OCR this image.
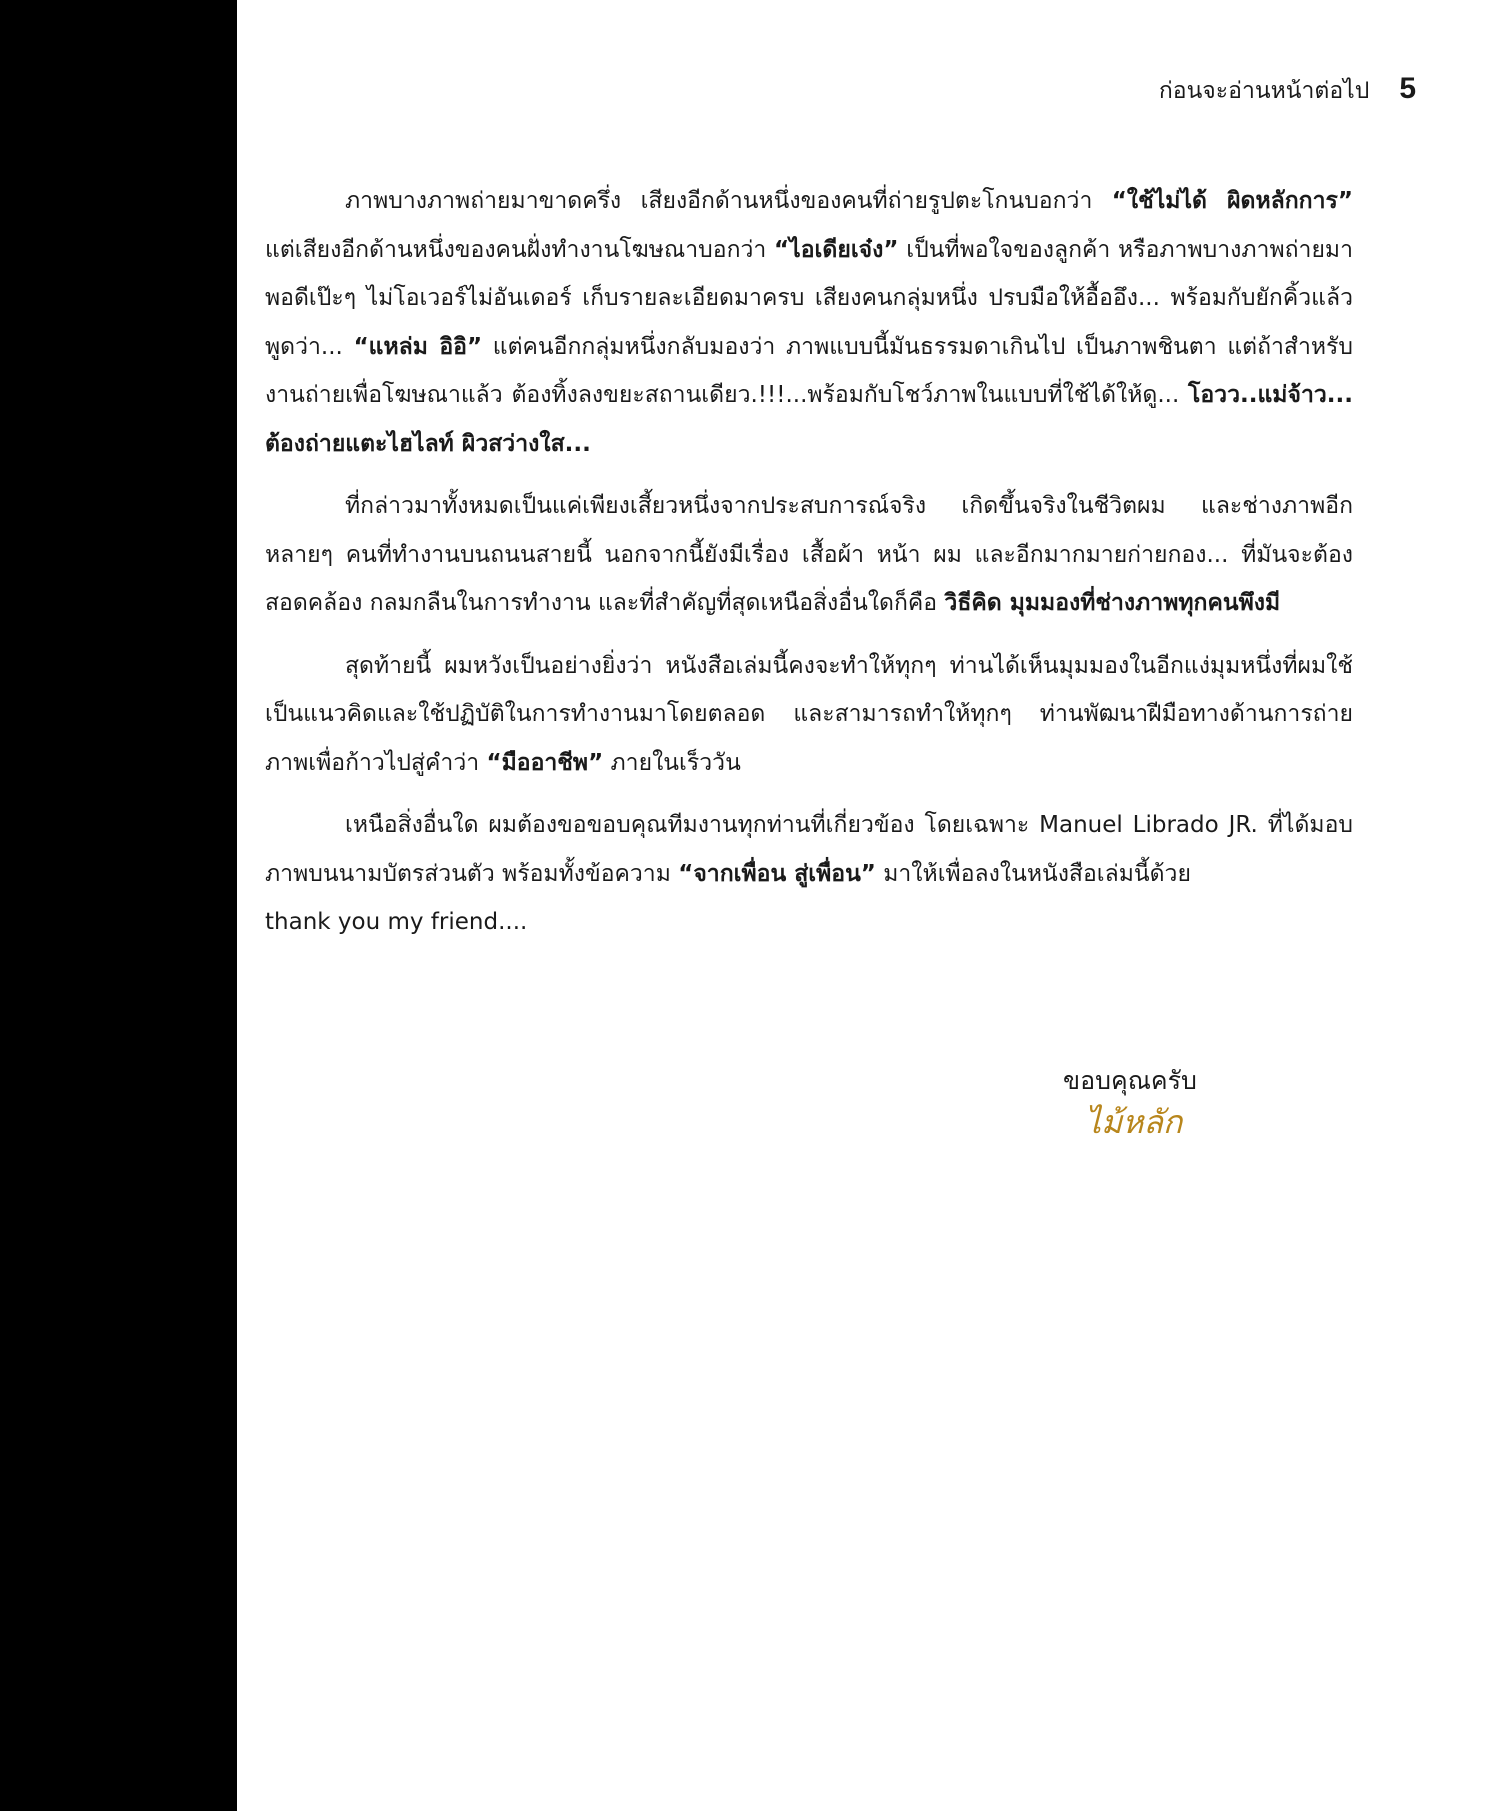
ก่อนจะอ่านหน้าต่อไป 5

ภาพบางภาพถ่ายมาขาดครึ่ง เสียงอีกด้านหนึ่งของคนที่ถ่ายรูปตะโกนบอกว่า “ใช้ไม่ได้ ผิดหลักการ” แต่เสียงอีกด้านหนึ่งของคนฝั่งทำงานโฆษณาบอกว่า “ไอเดียเจ๋ง” เป็นที่พอใจของลูกค้า หรือภาพบางภาพถ่ายมาพอดีเป๊ะๆ ไม่โอเวอร์ไม่อันเดอร์ เก็บรายละเอียดมาครบ เสียงคนกลุ่มหนึ่ง ปรบมือให้อื้ออึง... พร้อมกับยักคิ้วแล้วพูดว่า... “แหล่ม อิอิ” แต่คนอีกกลุ่มหนึ่งกลับมองว่า ภาพแบบนี้มันธรรมดาเกินไป เป็นภาพชินตา แต่ถ้าสำหรับงานถ่ายเพื่อโฆษณาแล้ว ต้องทิ้งลงขยะสถานเดียว.!!!...พร้อมกับโชว์ภาพในแบบที่ใช้ได้ให้ดู... โอวว..แม่จ้าว... ต้องถ่ายแตะไฮไลท์ ผิวสว่างใส...

ที่กล่าวมาทั้งหมดเป็นแค่เพียงเสี้ยวหนึ่งจากประสบการณ์จริง เกิดขึ้นจริงในชีวิตผม และช่างภาพอีกหลายๆ คนที่ทำงานบนถนนสายนี้ นอกจากนี้ยังมีเรื่อง เสื้อผ้า หน้า ผม และอีกมากมายก่ายกอง... ที่มันจะต้องสอดคล้อง กลมกลืนในการทำงาน และที่สำคัญที่สุดเหนือสิ่งอื่นใดก็คือ วิธีคิด มุมมองที่ช่างภาพทุกคนพึงมี

สุดท้ายนี้ ผมหวังเป็นอย่างยิ่งว่า หนังสือเล่มนี้คงจะทำให้ทุกๆ ท่านได้เห็นมุมมองในอีกแง่มุมหนึ่งที่ผมใช้เป็นแนวคิดและใช้ปฏิบัติในการทำงานมาโดยตลอด และสามารถทำให้ทุกๆ ท่านพัฒนาฝีมือทางด้านการถ่ายภาพเพื่อก้าวไปสู่คำว่า “มืออาชีพ” ภายในเร็ววัน

เหนือสิ่งอื่นใด ผมต้องขอขอบคุณทีมงานทุกท่านที่เกี่ยวข้อง โดยเฉพาะ Manuel Librado JR. ที่ได้มอบภาพบนนามบัตรส่วนตัว พร้อมทั้งข้อความ “จากเพื่อน สู่เพื่อน” มาให้เพื่อลงในหนังสือเล่มนี้ด้วย

thank you my friend....

ขอบคุณครับ
ไม้หลัก
